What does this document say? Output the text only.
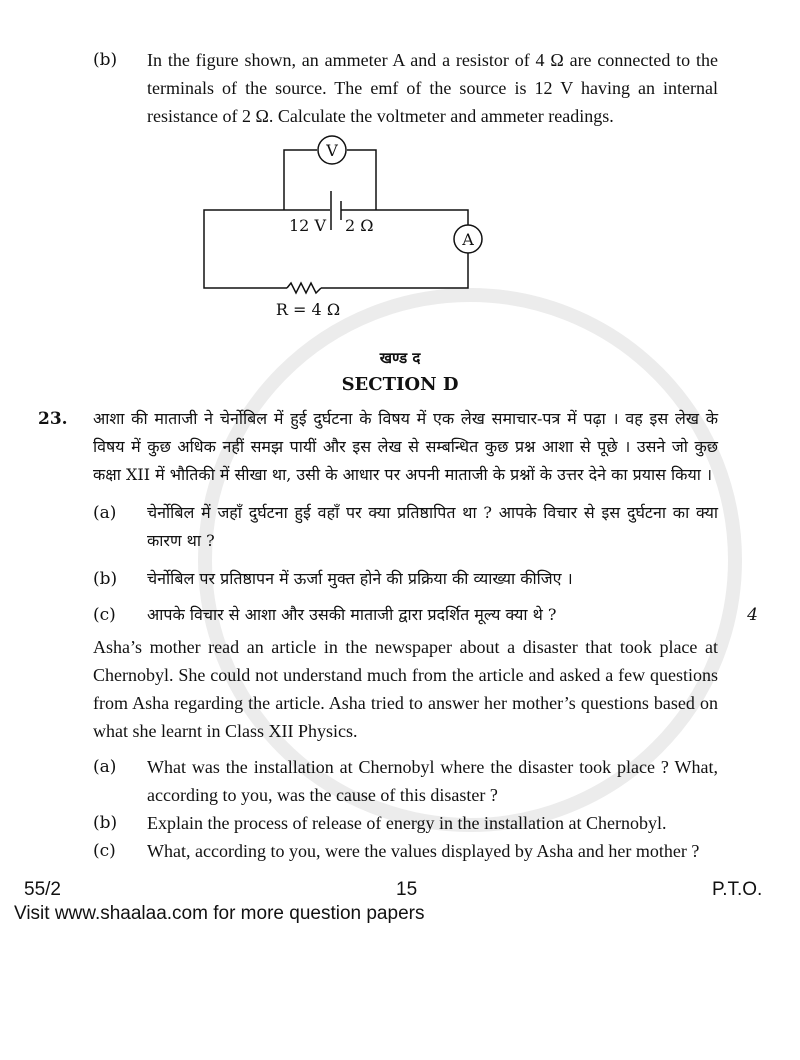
(b)	In the figure shown, an ammeter A and a resistor of 4 Ω are connected to the terminals of the source. The emf of the source is 12 V having an internal resistance of 2 Ω. Calculate the voltmeter and ammeter readings.
V
A
12 V 2 Ω
R = 4 Ω
खण्ड द
SECTION D
23.	आशा की माताजी ने चेर्नोबिल में हुई दुर्घटना के विषय में एक लेख समाचार-पत्र में पढ़ा । वह इस लेख के विषय में कुछ अधिक नहीं समझ पायीं और इस लेख से सम्बन्धित कुछ प्रश्न आशा से पूछे । उसने जो कुछ कक्षा XII में भौतिकी में सीखा था, उसी के आधार पर अपनी माताजी के प्रश्नों के उत्तर देने का प्रयास किया ।
(a)	चेर्नोबिल में जहाँ दुर्घटना हुई वहाँ पर क्या प्रतिष्ठापित था ? आपके विचार से इस दुर्घटना का क्या कारण था ?
(b)	चेर्नोबिल पर प्रतिष्ठापन में ऊर्जा मुक्त होने की प्रक्रिया की व्याख्या कीजिए ।
(c)	आपके विचार से आशा और उसकी माताजी द्वारा प्रदर्शित मूल्य क्या थे ?	4
Asha’s mother read an article in the newspaper about a disaster that took place at Chernobyl. She could not understand much from the article and asked a few questions from Asha regarding the article. Asha tried to answer her mother’s questions based on what she learnt in Class XII Physics.
(a)	What was the installation at Chernobyl where the disaster took place ? What, according to you, was the cause of this disaster ?
(b)	Explain the process of release of energy in the installation at Chernobyl.
(c)	What, according to you, were the values displayed by Asha and her mother ?
55/2	15	P.T.O.
Visit www.shaalaa.com for more question papers
